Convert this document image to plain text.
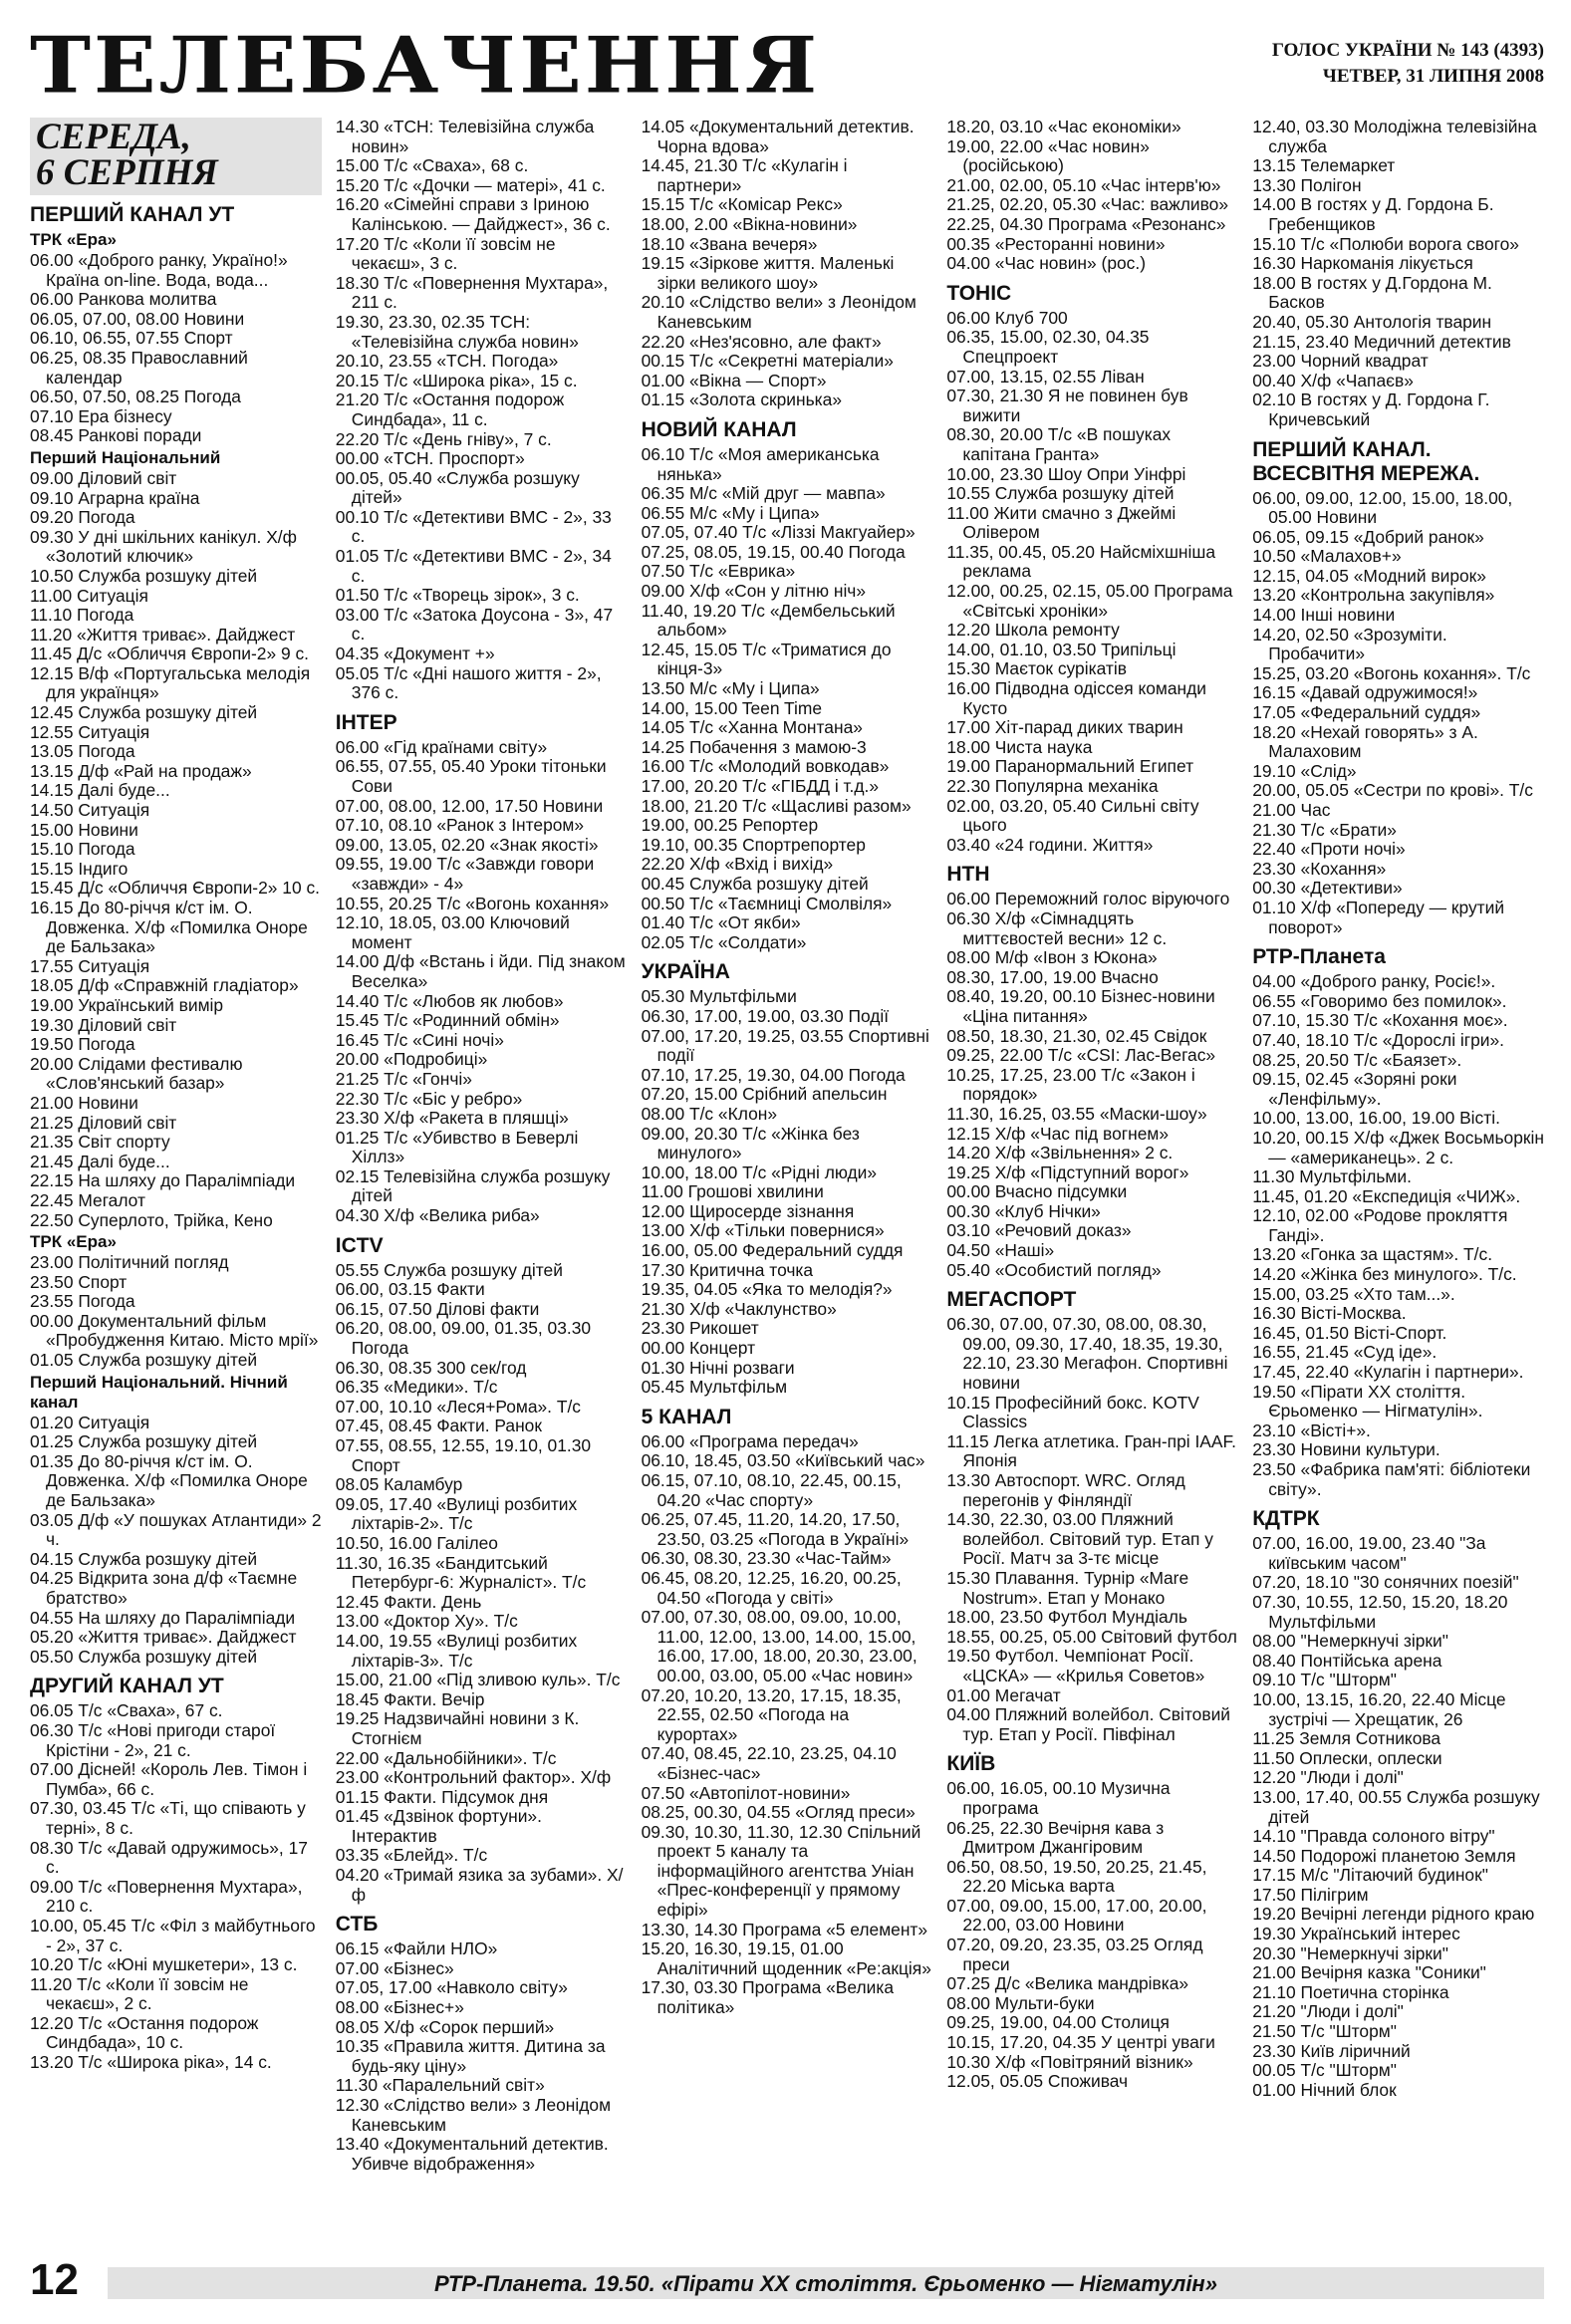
ТЕЛЕБАЧЕННЯ	ГОЛОС УКРАЇНИ № 143 (4393)
ЧЕТВЕР, 31 ЛИПНЯ 2008
СЕРЕДА,
6 СЕРПНЯ
ПЕРШИЙ КАНАЛ УТ
ТРК «Ера»
06.00 «Доброго ранку, Україно!» Країна on-line. Вода, вода...
06.00 Ранкова молитва
06.05, 07.00, 08.00 Новини
06.10, 06.55, 07.55 Спорт
06.25, 08.35 Православний календар
06.50, 07.50, 08.25 Погода
07.10 Ера бізнесу
08.45 Ранкові поради
Перший Національний
09.00 Діловий світ
09.10 Аграрна країна
09.20 Погода
09.30 У дні шкільних канікул. Х/ф «Золотий ключик»
10.50 Служба розшуку дітей
11.00 Ситуація
11.10 Погода
11.20 «Життя триває». Дайджест
11.45 Д/с «Обличчя Європи-2» 9 с.
12.15 В/ф «Португальська мелодія для українця»
12.45 Служба розшуку дітей
12.55 Ситуація
13.05 Погода
13.15 Д/ф «Рай на продаж»
14.15 Далі буде...
14.50 Ситуація
15.00 Новини
15.10 Погода
15.15 Індиго
15.45 Д/с «Обличчя Європи-2» 10 с.
16.15 До 80-річчя к/ст ім. О. Довженка. Х/ф «Помилка Оноре де Бальзака»
17.55 Ситуація
18.05 Д/ф «Справжній гладіатор»
19.00 Український вимір
19.30 Діловий світ
19.50 Погода
20.00 Слідами фестивалю «Слов'янський базар»
21.00 Новини
21.25 Діловий світ
21.35 Світ спорту
21.45 Далі буде...
22.15 На шляху до Паралімпіади
22.45 Мегалот
22.50 Суперлото, Трійка, Кено
ТРК «Ера»
23.00 Політичний погляд
23.50 Спорт
23.55 Погода
00.00 Документальний фільм «Пробудження Китаю. Місто мрії»
01.05 Служба розшуку дітей
Перший Національний. Нічний канал
01.20 Ситуація
01.25 Служба розшуку дітей
01.35 До 80-річчя к/ст ім. О. Довженка. Х/ф «Помилка Оноре де Бальзака»
03.05 Д/ф «У пошуках Атлантиди» 2 ч.
04.15 Служба розшуку дітей
04.25 Відкрита зона д/ф «Таємне братство»
04.55 На шляху до Паралімпіади
05.20 «Життя триває». Дайджест
05.50 Служба розшуку дітей
ДРУГИЙ КАНАЛ УТ
06.05 Т/с «Сваха», 67 с.
06.30 Т/с «Нові пригоди старої Крістіни - 2», 21 с.
07.00 Дісней! «Король Лев. Тімон і Пумба», 66 с.
07.30, 03.45 Т/с «Ті, що співають у терні», 8 с.
08.30 Т/с «Давай одружимось», 17 с.
09.00 Т/с «Повернення Мухтара», 210 с.
10.00, 05.45 Т/с «Філ з майбутнього - 2», 37 с.
10.20 Т/с «Юні мушкетери», 13 с.
11.20 Т/с «Коли її зовсім не чекаєш», 2 с.
12.20 Т/с «Остання подорож Синдбада», 10 с.
13.20 Т/с «Широка ріка», 14 с.
14.30 «ТСН: Телевізійна служба новин»
15.00 Т/с «Сваха», 68 с.
15.20 Т/с «Дочки — матері», 41 с.
16.20 «Сімейні справи з Іриною Калінською. — Дайджест», 36 с.
17.20 Т/с «Коли її зовсім не чекаєш», 3 с.
18.30 Т/с «Повернення Мухтара», 211 с.
19.30, 23.30, 02.35 ТСН: «Телевізійна служба новин»
20.10, 23.55 «ТСН. Погода»
20.15 Т/с «Широка ріка», 15 с.
21.20 Т/с «Остання подорож Синдбада», 11 с.
22.20 Т/с «День гніву», 7 с.
00.00 «ТСН. Проспорт»
00.05, 05.40 «Служба розшуку дітей»
00.10 Т/с «Детективи ВМС - 2», 33 с.
01.05 Т/с «Детективи ВМС - 2», 34 с.
01.50 Т/с «Творець зірок», 3 с.
03.00 Т/с «Затока Доусона - 3», 47 с.
04.35 «Документ +»
05.05 Т/с «Дні нашого життя - 2», 376 с.
ІНТЕР
06.00 «Гід країнами світу»
06.55, 07.55, 05.40 Уроки тітоньки Сови
07.00, 08.00, 12.00, 17.50 Новини
07.10, 08.10 «Ранок з Інтером»
09.00, 13.05, 02.20 «Знак якості»
09.55, 19.00 Т/с «Завжди говори «завжди» - 4»
10.55, 20.25 Т/с «Вогонь кохання»
12.10, 18.05, 03.00 Ключовий момент
14.00 Д/ф «Встань і йди. Під знаком Веселка»
14.40 Т/с «Любов як любов»
15.45 Т/с «Родинний обмін»
16.45 Т/с «Сині ночі»
20.00 «Подробиці»
21.25 Т/с «Гончі»
22.30 Т/с «Біс у ребро»
23.30 Х/ф «Ракета в пляшці»
01.25 Т/с «Убивство в Беверлі Хіллз»
02.15 Телевізійна служба розшуку дітей
04.30 Х/ф «Велика риба»
ICTV
05.55 Служба розшуку дітей
06.00, 03.15 Факти
06.15, 07.50 Ділові факти
06.20, 08.00, 09.00, 01.35, 03.30 Погода
06.30, 08.35 300 сек/год
06.35 «Медики». Т/с
07.00, 10.10 «Леся+Рома». Т/с
07.45, 08.45 Факти. Ранок
07.55, 08.55, 12.55, 19.10, 01.30 Спорт
08.05 Каламбур
09.05, 17.40 «Вулиці розбитих ліхтарів-2». Т/с
10.50, 16.00 Галілео
11.30, 16.35 «Бандитський Петербург-6: Журналіст». Т/с
12.45 Факти. День
13.00 «Доктор Ху». Т/с
14.00, 19.55 «Вулиці розбитих ліхтарів-3». Т/с
15.00, 21.00 «Під зливою куль». Т/с
18.45 Факти. Вечір
19.25 Надзвичайні новини з К. Стогнієм
22.00 «Дальнобійники». Т/с
23.00 «Контрольний фактор». Х/ф
01.15 Факти. Підсумок дня
01.45 «Дзвінок фортуни». Інтерактив
03.35 «Блейд». Т/с
04.20 «Тримай язика за зубами». Х/ф
СТБ
06.15 «Файли НЛО»
07.00 «Бізнес»
07.05, 17.00 «Навколо світу»
08.00 «Бізнес+»
08.05 Х/ф «Сорок перший»
10.35 «Правила життя. Дитина за будь-яку ціну»
11.30 «Паралельний світ»
12.30 «Слідство вели» з Леонідом Каневським
13.40 «Документальний детектив. Убивче відображення»
14.05 «Документальний детектив. Чорна вдова»
14.45, 21.30 Т/с «Кулагін і партнери»
15.15 Т/с «Комісар Рекс»
18.00, 2.00 «Вікна-новини»
18.10 «Звана вечеря»
19.15 «Зіркове життя. Маленькі зірки великого шоу»
20.10 «Слідство вели» з Леонідом Каневським
22.20 «Нез'ясовно, але факт»
00.15 Т/с «Секретні матеріали»
01.00 «Вікна — Спорт»
01.15 «Золота скринька»
НОВИЙ КАНАЛ
06.10 Т/с «Моя американська нянька»
06.35 М/с «Мій друг — мавпа»
06.55 М/с «Му і Ципа»
07.05, 07.40 Т/с «Ліззі Макгуайер»
07.25, 08.05, 19.15, 00.40 Погода
07.50 Т/с «Еврика»
09.00 Х/ф «Сон у літню ніч»
11.40, 19.20 Т/с «Дембельський альбом»
12.45, 15.05 Т/с «Триматися до кінця-3»
13.50 М/с «Му і Ципа»
14.00, 15.00 Teen Time
14.05 Т/с «Ханна Монтана»
14.25 Побачення з мамою-3
16.00 Т/с «Молодий вовкодав»
17.00, 20.20 Т/с «ГІБДД і т.д.»
18.00, 21.20 Т/с «Щасливі разом»
19.00, 00.25 Репортер
19.10, 00.35 Спортрепортер
22.20 Х/ф «Вхід і вихід»
00.45 Служба розшуку дітей
00.50 Т/с «Таємниці Смолвіля»
01.40 Т/с «От якби»
02.05 Т/с «Солдати»
УКРАЇНА
05.30 Мультфільми
06.30, 17.00, 19.00, 03.30 Події
07.00, 17.20, 19.25, 03.55 Спортивні події
07.10, 17.25, 19.30, 04.00 Погода
07.20, 15.00 Срібний апельсин
08.00 Т/с «Клон»
09.00, 20.30 Т/с «Жінка без минулого»
10.00, 18.00 Т/с «Рідні люди»
11.00 Грошові хвилини
12.00 Щиросерде зізнання
13.00 Х/ф «Тільки повернися»
16.00, 05.00 Федеральний суддя
17.30 Критична точка
19.35, 04.05 «Яка то мелодія?»
21.30 Х/ф «Чаклунство»
23.30 Рикошет
00.00 Концерт
01.30 Нічні розваги
05.45 Мультфільм
5 КАНАЛ
06.00 «Програма передач»
06.10, 18.45, 03.50 «Київський час»
06.15, 07.10, 08.10, 22.45, 00.15, 04.20 «Час спорту»
06.25, 07.45, 11.20, 14.20, 17.50, 23.50, 03.25 «Погода в Україні»
06.30, 08.30, 23.30 «Час-Тайм»
06.45, 08.20, 12.25, 16.20, 00.25, 04.50 «Погода у світі»
07.00, 07.30, 08.00, 09.00, 10.00, 11.00, 12.00, 13.00, 14.00, 15.00, 16.00, 17.00, 18.00, 20.30, 23.00, 00.00, 03.00, 05.00 «Час новин»
07.20, 10.20, 13.20, 17.15, 18.35, 22.55, 02.50 «Погода на курортах»
07.40, 08.45, 22.10, 23.25, 04.10 «Бізнес-час»
07.50 «Автопілот-новини»
08.25, 00.30, 04.55 «Огляд преси»
09.30, 10.30, 11.30, 12.30 Спільний проект 5 каналу та інформаційного агентства Уніан «Прес-конференції у прямому ефірі»
13.30, 14.30 Програма «5 елемент»
15.20, 16.30, 19.15, 01.00 Аналітичний щоденник «Ре:акція»
17.30, 03.30 Програма «Велика політика»
18.20, 03.10 «Час економіки»
19.00, 22.00 «Час новин» (російською)
21.00, 02.00, 05.10 «Час інтерв'ю»
21.25, 02.20, 05.30 «Час: важливо»
22.25, 04.30 Програма «Резонанс»
00.35 «Ресторанні новини»
04.00 «Час новин» (рос.)
ТОНІС
06.00 Клуб 700
06.35, 15.00, 02.30, 04.35 Спецпроект
07.00, 13.15, 02.55 Ліван
07.30, 21.30 Я не повинен був вижити
08.30, 20.00 Т/с «В пошуках капітана Гранта»
10.00, 23.30 Шоу Опри Уінфрі
10.55 Служба розшуку дітей
11.00 Жити смачно з Джеймі Олівером
11.35, 00.45, 05.20 Найсміхшніша реклама
12.00, 00.25, 02.15, 05.00 Програма «Світські хроніки»
12.20 Школа ремонту
14.00, 01.10, 03.50 Трипільці
15.30 Маєток сурікатів
16.00 Підводна одіссея команди Кусто
17.00 Хіт-парад диких тварин
18.00 Чиста наука
19.00 Паранормальний Египет
22.30 Популярна механіка
02.00, 03.20, 05.40 Сильні світу цього
03.40 «24 години. Життя»
НТН
06.00 Переможний голос віруючого
06.30 Х/ф «Сімнадцять миттєвостей весни» 12 с.
08.00 М/ф «Івон з Юкона»
08.30, 17.00, 19.00 Вчасно
08.40, 19.20, 00.10 Бізнес-новини «Ціна питання»
08.50, 18.30, 21.30, 02.45 Свідок
09.25, 22.00 Т/с «CSI: Лас-Вегас»
10.25, 17.25, 23.00 Т/с «Закон і порядок»
11.30, 16.25, 03.55 «Маски-шоу»
12.15 Х/ф «Час під вогнем»
14.20 Х/ф «Звільнення» 2 с.
19.25 Х/ф «Підступний ворог»
00.00 Вчасно підсумки
00.30 «Клуб Нічки»
03.10 «Речовий доказ»
04.50 «Наші»
05.40 «Особистий погляд»
МЕГАСПОРТ
06.30, 07.00, 07.30, 08.00, 08.30, 09.00, 09.30, 17.40, 18.35, 19.30, 22.10, 23.30 Мегафон. Спортивні новини
10.15 Професійний бокс. KOTV Classics
11.15 Легка атлетика. Гран-прі IAAF. Японія
13.30 Автоспорт. WRC. Огляд перегонів у Фінляндії
14.30, 22.30, 03.00 Пляжний волейбол. Світовий тур. Етап у Росії. Матч за 3-тє місце
15.30 Плавання. Турнір «Mare Nostrum». Етап у Монако
18.00, 23.50 Футбол Мундіаль
18.55, 00.25, 05.00 Світовий футбол
19.50 Футбол. Чемпіонат Росії. «ЦСКА» — «Крилья Советов»
01.00 Мегачат
04.00 Пляжний волейбол. Світовий тур. Етап у Росії. Півфінал
КИЇВ
06.00, 16.05, 00.10 Музична програма
06.25, 22.30 Вечірня кава з Дмитром Джангіровим
06.50, 08.50, 19.50, 20.25, 21.45, 22.20 Міська варта
07.00, 09.00, 15.00, 17.00, 20.00, 22.00, 03.00 Новини
07.20, 09.20, 23.35, 03.25 Огляд преси
07.25 Д/с «Велика мандрівка»
08.00 Мульти-буки
09.25, 19.00, 04.00 Столиця
10.15, 17.20, 04.35 У центрі уваги
10.30 Х/ф «Повітряний візник»
12.05, 05.05 Споживач
12.40, 03.30 Молодіжна телевізійна служба
13.15 Телемаркет
13.30 Полігон
14.00 В гостях у Д. Гордона Б. Гребенщиков
15.10 Т/с «Полюби ворога свого»
16.30 Наркоманія лікується
18.00 В гостях у Д.Гордона М. Басков
20.40, 05.30 Антологія тварин
21.15, 23.40 Медичний детектив
23.00 Чорний квадрат
00.40 Х/ф «Чапаєв»
02.10 В гостях у Д. Гордона Г. Кричевський
ПЕРШИЙ КАНАЛ. ВСЕСВІТНЯ МЕРЕЖА.
06.00, 09.00, 12.00, 15.00, 18.00, 05.00 Новини
06.05, 09.15 «Добрий ранок»
10.50 «Малахов+»
12.15, 04.05 «Модний вирок»
13.20 «Контрольна закупівля»
14.00 Інші новини
14.20, 02.50 «Зрозуміти. Пробачити»
15.25, 03.20 «Вогонь кохання». Т/с
16.15 «Давай одружимося!»
17.05 «Федеральний суддя»
18.20 «Нехай говорять» з А. Малаховим
19.10 «Слід»
20.00, 05.05 «Сестри по крові». Т/с
21.00 Час
21.30 Т/с «Брати»
22.40 «Проти ночі»
23.30 «Кохання»
00.30 «Детективи»
01.10 Х/ф «Попереду — крутий поворот»
РТР-Планета
04.00 «Доброго ранку, Росіє!».
06.55 «Говоримо без помилок».
07.10, 15.30 Т/с «Кохання моє».
07.40, 18.10 Т/с «Дорослі ігри».
08.25, 20.50 Т/с «Баязет».
09.15, 02.45 «Зоряні роки «Ленфільму».
10.00, 13.00, 16.00, 19.00 Вісті.
10.20, 00.15 Х/ф «Джек Восьмьоркін — «американець». 2 с.
11.30 Мультфільми.
11.45, 01.20 «Експедиція «ЧИЖ».
12.10, 02.00 «Родове прокляття Ганді».
13.20 «Гонка за щастям». Т/с.
14.20 «Жінка без минулого». Т/с.
15.00, 03.25 «Хто там...».
16.30 Вісті-Москва.
16.45, 01.50 Вісті-Спорт.
16.55, 21.45 «Суд іде».
17.45, 22.40 «Кулагін і партнери».
19.50 «Пірати ХХ століття. Єрьоменко — Нігматулін».
23.10 «Вісті+».
23.30 Новини культури.
23.50 «Фабрика пам'яті: бібліотеки світу».
КДТРК
07.00, 16.00, 19.00, 23.40 "За київським часом"
07.20, 18.10 "30 сонячних поезій"
07.30, 10.55, 12.50, 15.20, 18.20 Мультфільми
08.00 "Немеркнучі зірки"
08.40 Понтійська арена
09.10 Т/с "Шторм"
10.00, 13.15, 16.20, 22.40 Місце зустрічі — Хрещатик, 26
11.25 Земля Сотникова
11.50 Оплески, оплески
12.20 "Люди і долі"
13.00, 17.40, 00.55 Служба розшуку дітей
14.10 "Правда солоного вітру"
14.50 Подорожі планетою Земля
17.15 М/с "Літаючий будинок"
17.50 Пілігрим
19.20 Вечірні легенди рідного краю
19.30 Український інтерес
20.30 "Немеркнучі зірки"
21.00 Вечірня казка "Соники"
21.10 Поетична сторінка
21.20 "Люди і долі"
21.50 Т/с "Шторм"
23.30 Київ ліричний
00.05 Т/с "Шторм"
01.00 Нічний блок
12	РТР-Планета. 19.50. «Пірати ХХ століття. Єрьоменко — Нігматулін»
